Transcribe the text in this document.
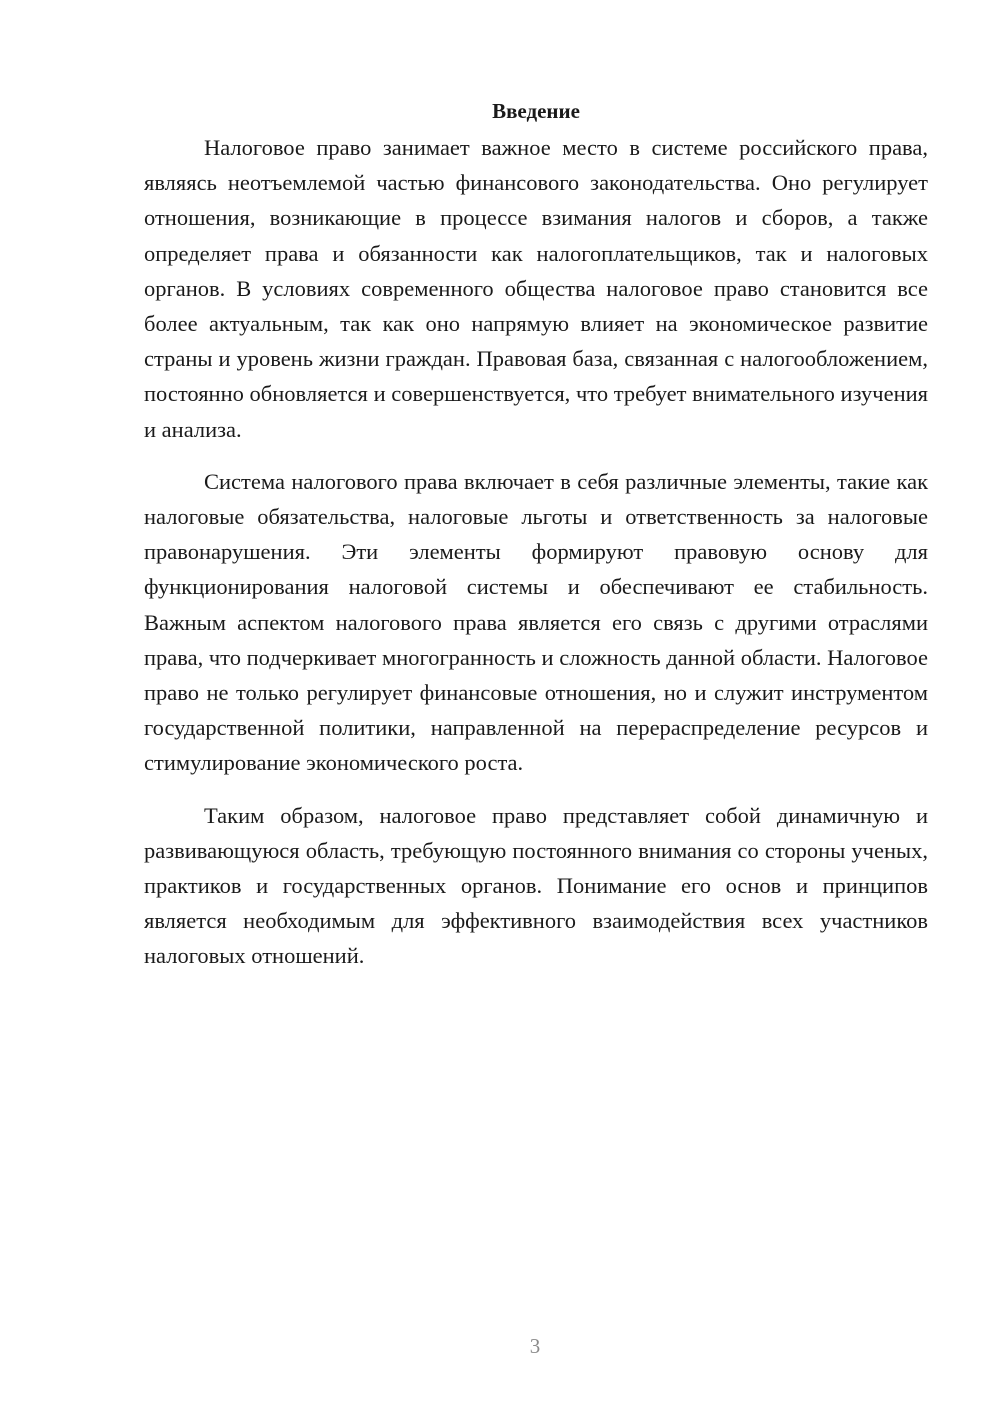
Введение

Налоговое право занимает важное место в системе российского права, являясь неотъемлемой частью финансового законодательства. Оно регулирует отношения, возникающие в процессе взимания налогов и сборов, а также определяет права и обязанности как налогоплательщиков, так и налоговых органов. В условиях современного общества налоговое право становится все более актуальным, так как оно напрямую влияет на экономическое развитие страны и уровень жизни граждан. Правовая база, связанная с налогообложением, постоянно обновляется и совершенствуется, что требует внимательного изучения и анализа.

Система налогового права включает в себя различные элементы, такие как налоговые обязательства, налоговые льготы и ответственность за налоговые правонарушения. Эти элементы формируют правовую основу для функционирования налоговой системы и обеспечивают ее стабильность. Важным аспектом налогового права является его связь с другими отраслями права, что подчеркивает многогранность и сложность данной области. Налоговое право не только регулирует финансовые отношения, но и служит инструментом государственной политики, направленной на перераспределение ресурсов и стимулирование экономического роста.

Таким образом, налоговое право представляет собой динамичную и развивающуюся область, требующую постоянного внимания со стороны ученых, практиков и государственных органов. Понимание его основ и принципов является необходимым для эффективного взаимодействия всех участников налоговых отношений.

3
